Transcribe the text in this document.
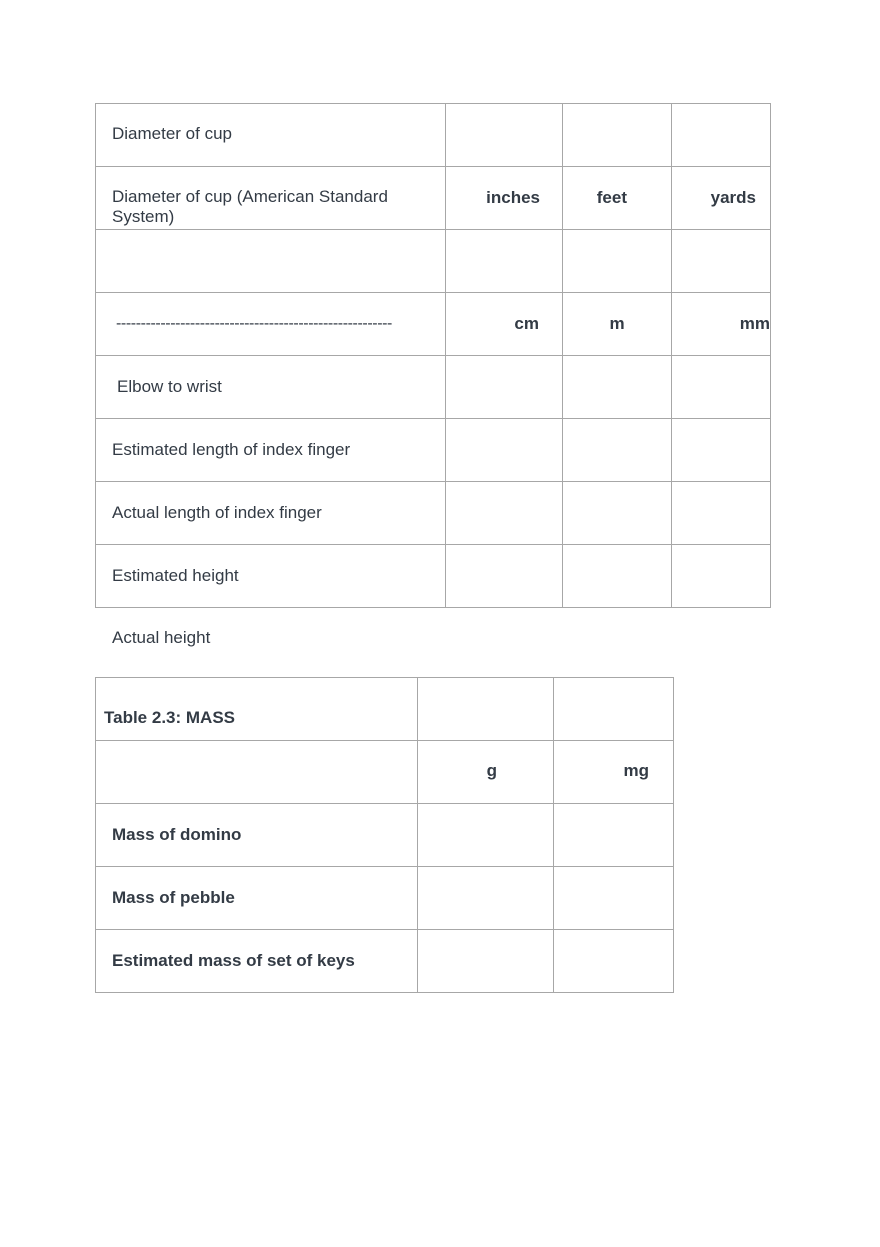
Diameter of cup			
Diameter of cup (American Standard System)	inches	feet	yards

--------------------------------------------------------	cm	m	mm
Elbow to wrist			
Estimated length of index finger			
Actual length of index finger			
Estimated height			
Actual height
Table 2.3: MASS		
	g	mg
Mass of domino		
Mass of pebble		
Estimated mass of set of keys		
